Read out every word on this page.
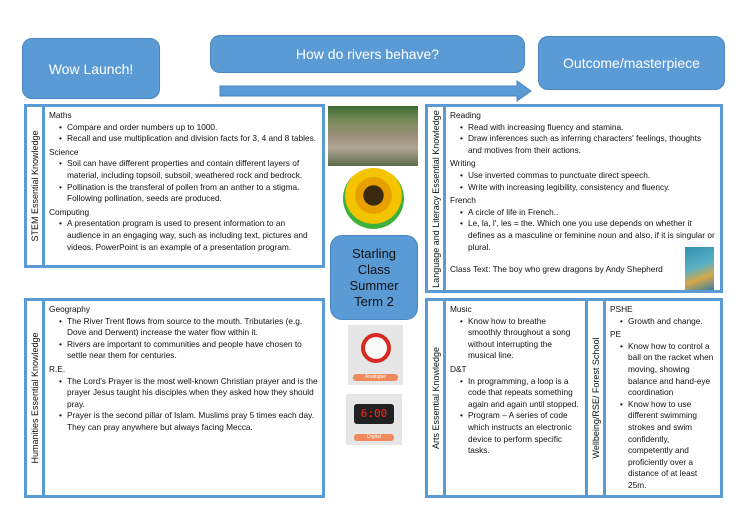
Wow Launch!
How do rivers behave?
Outcome/masterpiece
STEM Essential Knowledge
Maths
• Compare and order numbers up to 1000.
• Recall and use multiplication and division facts for 3, 4 and 8 tables.
Science
• Soil can have different properties and contain different layers of material, including topsoil, subsoil, weathered rock and bedrock.
• Pollination is the transferal of pollen from an anther to a stigma. Following pollination, seeds are produced.
Computing
• A presentation program is used to present information to an audience in an engaging way, such as including text, pictures and videos. PowerPoint is an example of a presentation program.	Language and Literacy Essential Knowledge Reading
• Read with increasing fluency and stamina.
• Draw inferences such as inferring characters' feelings, thoughts and motives from their actions.
Writing
• Use inverted commas to punctuate direct speech.
• Write with increasing legibility, consistency and fluency.
French
• A circle of life in French..
• Le, la, l', les = the. Which one you use depends on whether it defines as a masculine or feminine noun and also, if it is singular or plural.
Class Text: The boy who grew dragons by Andy Shepherd
Humanities Essential Knowledge
Geography
• The River Trent flows from source to the mouth. Tributaries (e.g. Dove and Derwent) increase the water flow within it.
• Rivers are important to communities and people have chosen to settle near them for centuries.
R.E.
• The Lord's Prayer is the most well-known Christian prayer and is the prayer Jesus taught his disciples when they asked how they should pray.
• Prayer is the second pillar of Islam. Muslims pray 5 times each day. They can pray anywhere but always facing Mecca.	Arts Essential Knowledge
Music
• Know how to breathe smoothly throughout a song without interrupting the musical line.
D&T
• In programming, a loop is a code that repeats something again and again until stopped.
• Program – A series of code which instructs an electronic device to perform specific tasks.	Wellbeing/RSE/ Forest School
PSHE
• Growth and change.
PE
• Know how to control a ball on the racket when moving, showing balance and hand-eye coordination
• Know how to use different swimming strokes and swim confidently, competently and proficiently over a distance of at least 25m.
Starling
Class
Summer
Term 2
Analogue
6:00
Digital
